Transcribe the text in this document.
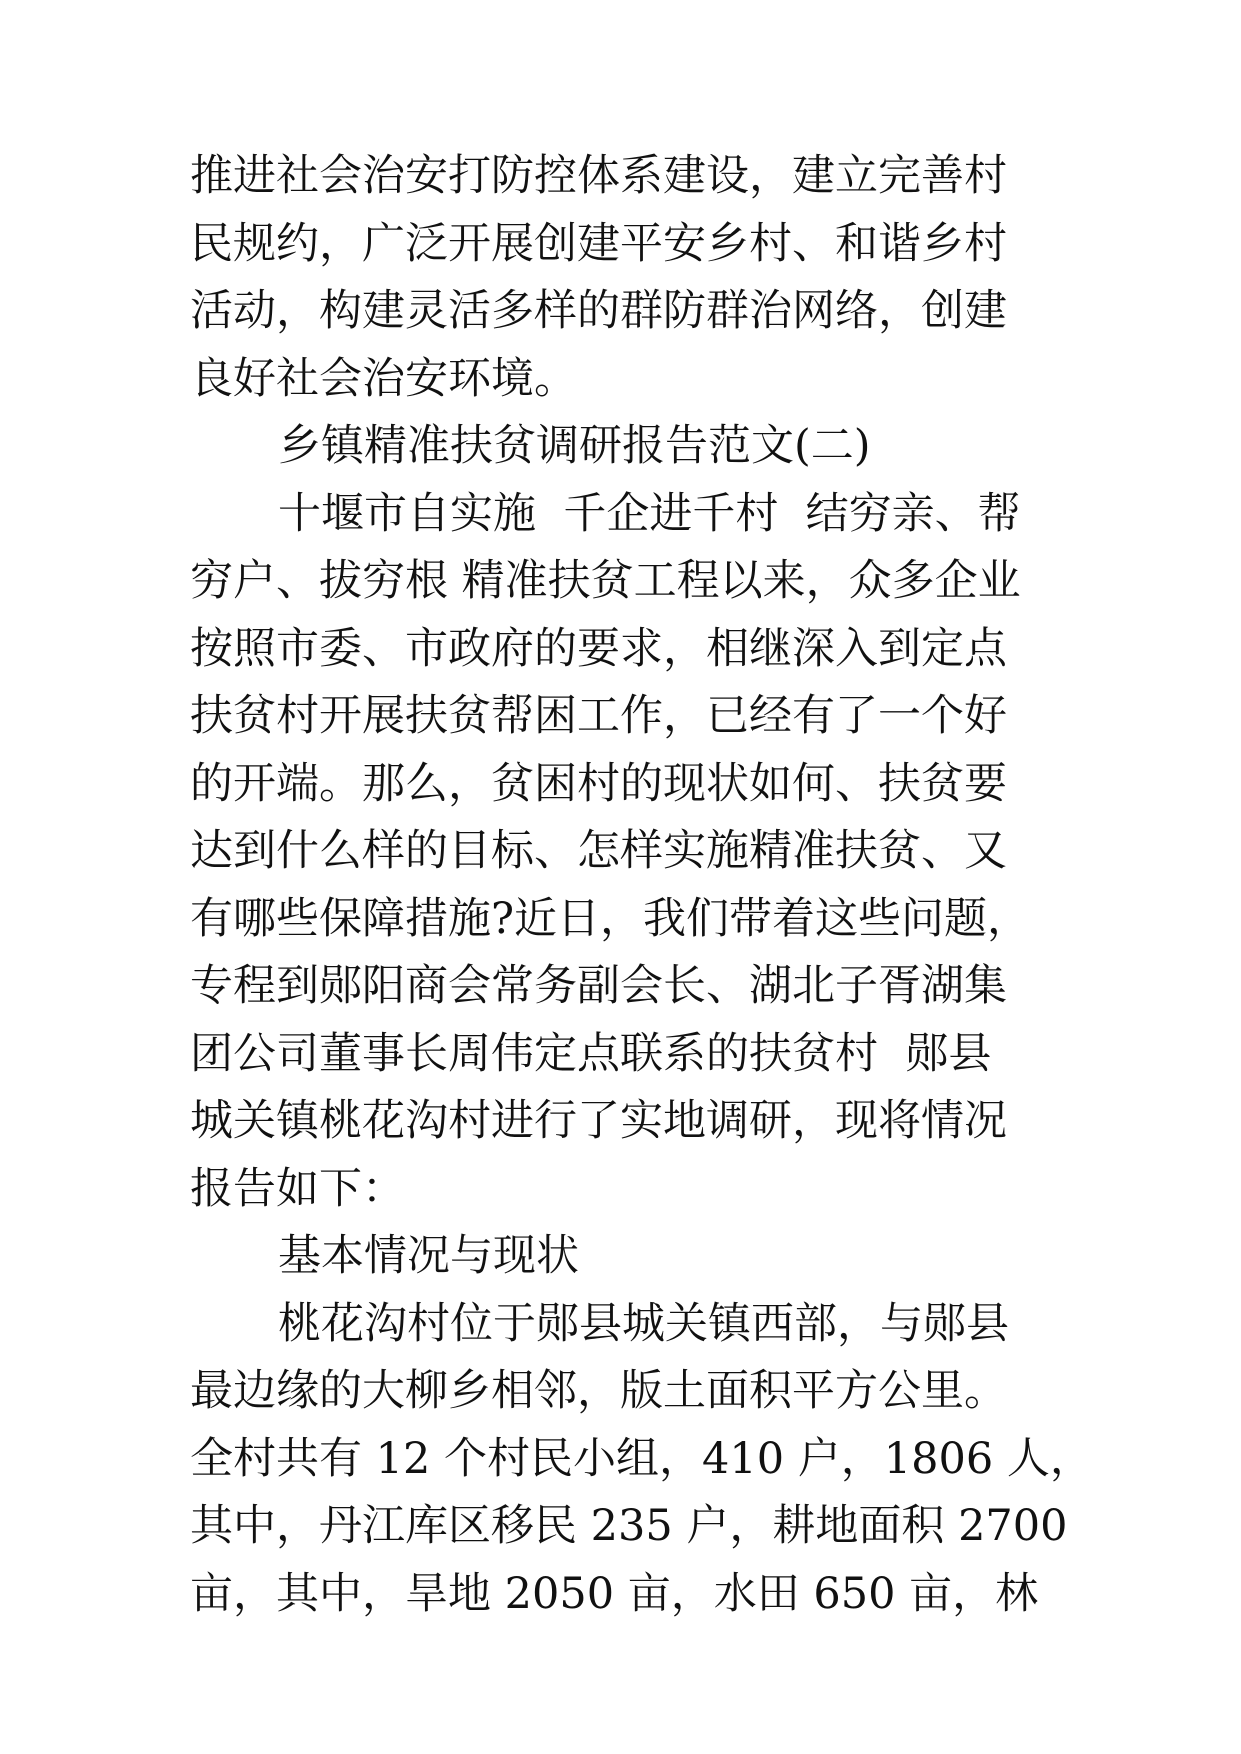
推进社会治安打防控体系建设，建立完善村
民规约，广泛开展创建平安乡村、和谐乡村
活动，构建灵活多样的群防群治网络，创建
良好社会治安环境。
乡镇精准扶贫调研报告范文(二)
十堰市自实施  千企进千村  结穷亲、帮
穷户、拔穷根 精准扶贫工程以来，众多企业
按照市委、市政府的要求，相继深入到定点
扶贫村开展扶贫帮困工作，已经有了一个好
的开端。那么，贫困村的现状如何、扶贫要
达到什么样的目标、怎样实施精准扶贫、又
有哪些保障措施?近日，我们带着这些问题，
专程到郧阳商会常务副会长、湖北子胥湖集
团公司董事长周伟定点联系的扶贫村  郧县
城关镇桃花沟村进行了实地调研，现将情况
报告如下：
基本情况与现状
桃花沟村位于郧县城关镇西部，与郧县
最边缘的大柳乡相邻，版土面积平方公里。
全村共有 12 个村民小组，410 户，1806 人，
其中，丹江库区移民 235 户，耕地面积 2700
亩，其中，旱地 2050 亩，水田 650 亩，林
